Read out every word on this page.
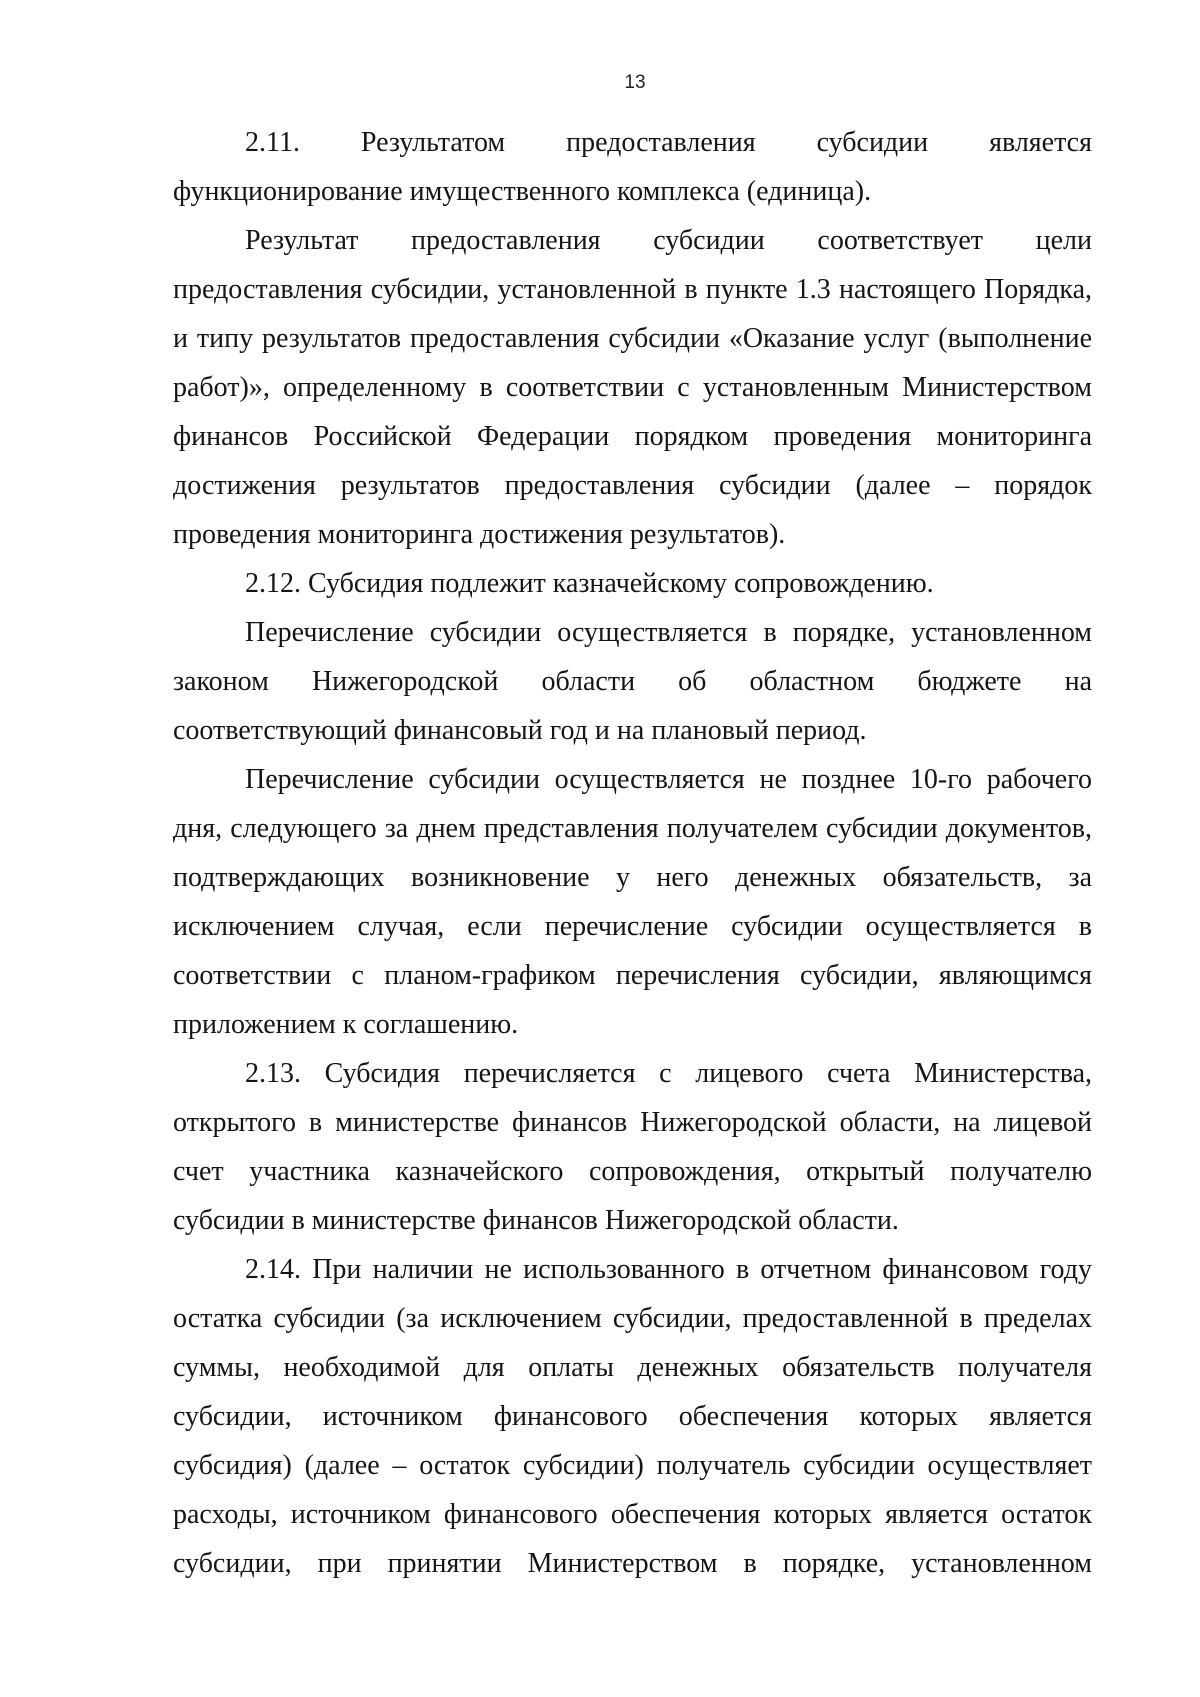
13

2.11. Результатом предоставления субсидии является функционирование имущественного комплекса (единица).

Результат предоставления субсидии соответствует цели предоставления субсидии, установленной в пункте 1.3 настоящего Порядка, и типу результатов предоставления субсидии «Оказание услуг (выполнение работ)», определенному в соответствии с установленным Министерством финансов Российской Федерации порядком проведения мониторинга достижения результатов предоставления субсидии (далее – порядок проведения мониторинга достижения результатов).

2.12. Субсидия подлежит казначейскому сопровождению.

Перечисление субсидии осуществляется в порядке, установленном законом Нижегородской области об областном бюджете на соответствующий финансовый год и на плановый период.

Перечисление субсидии осуществляется не позднее 10-го рабочего дня, следующего за днем представления получателем субсидии документов, подтверждающих возникновение у него денежных обязательств, за исключением случая, если перечисление субсидии осуществляется в соответствии с планом-графиком перечисления субсидии, являющимся приложением к соглашению.

2.13. Субсидия перечисляется с лицевого счета Министерства, открытого в министерстве финансов Нижегородской области, на лицевой счет участника казначейского сопровождения, открытый получателю субсидии в министерстве финансов Нижегородской области.

2.14. При наличии не использованного в отчетном финансовом году остатка субсидии (за исключением субсидии, предоставленной в пределах суммы, необходимой для оплаты денежных обязательств получателя субсидии, источником финансового обеспечения которых является субсидия) (далее – остаток субсидии) получатель субсидии осуществляет расходы, источником финансового обеспечения которых является остаток субсидии, при принятии Министерством в порядке, установленном
